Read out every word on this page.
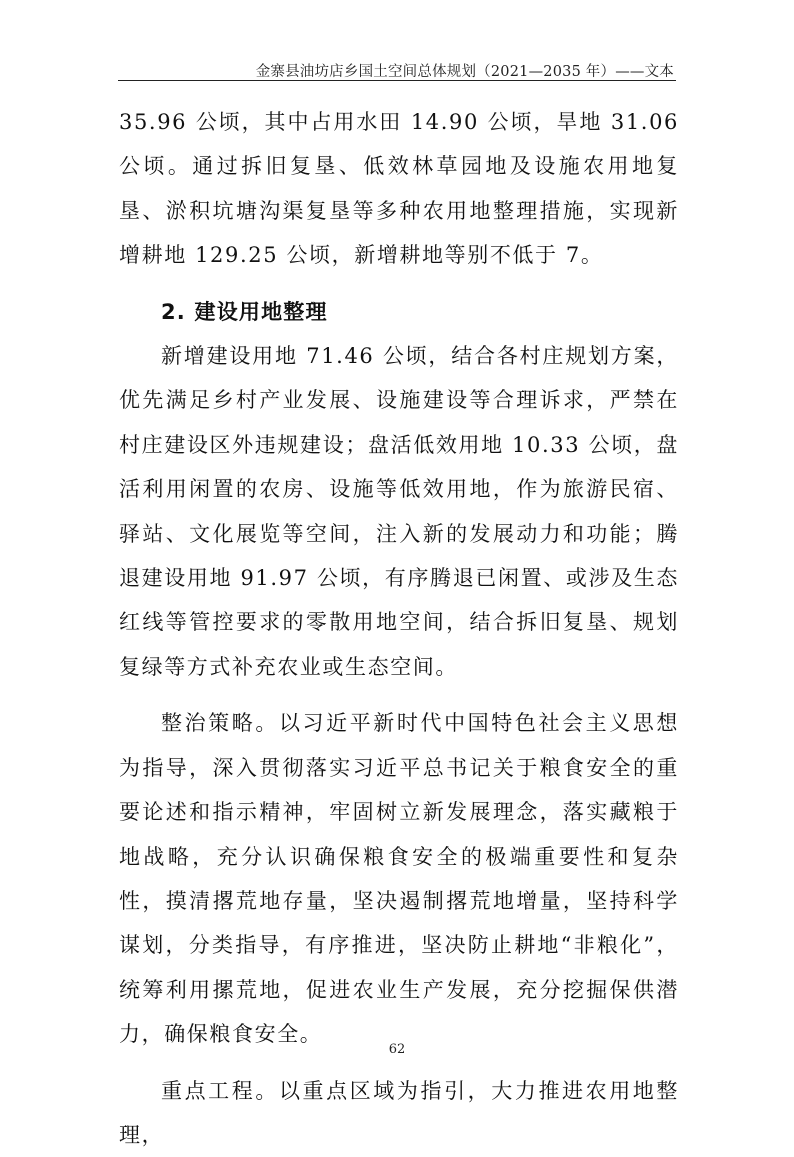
金寨县油坊店乡国土空间总体规划（2021—2035 年）——文本

35.96 公顷，其中占用水田 14.90 公顷，旱地 31.06 公顷。通过拆旧复垦、低效林草园地及设施农用地复垦、淤积坑塘沟渠复垦等多种农用地整理措施，实现新增耕地 129.25 公顷，新增耕地等别不低于 7。

2. 建设用地整理

新增建设用地 71.46 公顷，结合各村庄规划方案，优先满足乡村产业发展、设施建设等合理诉求，严禁在村庄建设区外违规建设；盘活低效用地 10.33 公顷，盘活利用闲置的农房、设施等低效用地，作为旅游民宿、驿站、文化展览等空间，注入新的发展动力和功能；腾退建设用地 91.97 公顷，有序腾退已闲置、或涉及生态红线等管控要求的零散用地空间，结合拆旧复垦、规划复绿等方式补充农业或生态空间。

整治策略。以习近平新时代中国特色社会主义思想为指导，深入贯彻落实习近平总书记关于粮食安全的重要论述和指示精神，牢固树立新发展理念，落实藏粮于地战略，充分认识确保粮食安全的极端重要性和复杂性，摸清撂荒地存量，坚决遏制撂荒地增量，坚持科学谋划，分类指导，有序推进，坚决防止耕地“非粮化”，统筹利用摞荒地，促进农业生产发展，充分挖掘保供潜力，确保粮食安全。

重点工程。以重点区域为指引，大力推进农用地整理，

62
